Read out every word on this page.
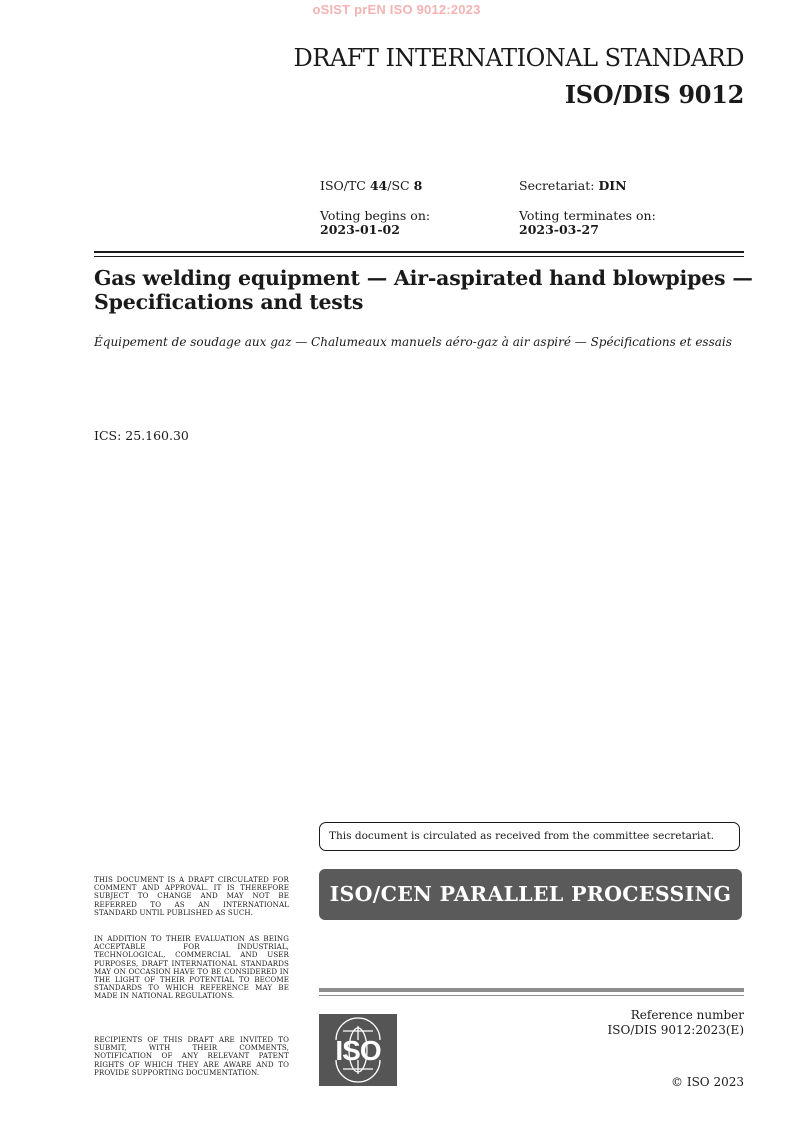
oSIST prEN ISO 9012:2023
DRAFT INTERNATIONAL STANDARD
ISO/DIS 9012
ISO/TC 44/SC 8	Secretariat: DIN
Voting begins on:
2023-01-02
Voting terminates on:
2023-03-27
Gas welding equipment — Air-aspirated hand blowpipes —
Specifications and tests
Équipement de soudage aux gaz — Chalumeaux manuels aéro-gaz à air aspiré — Spécifications et essais
ICS: 25.160.30
This document is circulated as received from the committee secretariat.
ISO/CEN PARALLEL PROCESSING
THIS DOCUMENT IS A DRAFT CIRCULATED FOR COMMENT AND APPROVAL. IT IS THEREFORE SUBJECT TO CHANGE AND MAY NOT BE REFERRED TO AS AN INTERNATIONAL STANDARD UNTIL PUBLISHED AS SUCH.
IN ADDITION TO THEIR EVALUATION AS BEING ACCEPTABLE FOR INDUSTRIAL, TECHNOLOGICAL, COMMERCIAL AND USER PURPOSES, DRAFT INTERNATIONAL STANDARDS MAY ON OCCASION HAVE TO BE CONSIDERED IN THE LIGHT OF THEIR POTENTIAL TO BECOME STANDARDS TO WHICH REFERENCE MAY BE MADE IN NATIONAL REGULATIONS.
RECIPIENTS OF THIS DRAFT ARE INVITED TO SUBMIT, WITH THEIR COMMENTS, NOTIFICATION OF ANY RELEVANT PATENT RIGHTS OF WHICH THEY ARE AWARE AND TO PROVIDE SUPPORTING DOCUMENTATION.
ISO
Reference number
ISO/DIS 9012:2023(E)
© ISO 2023
